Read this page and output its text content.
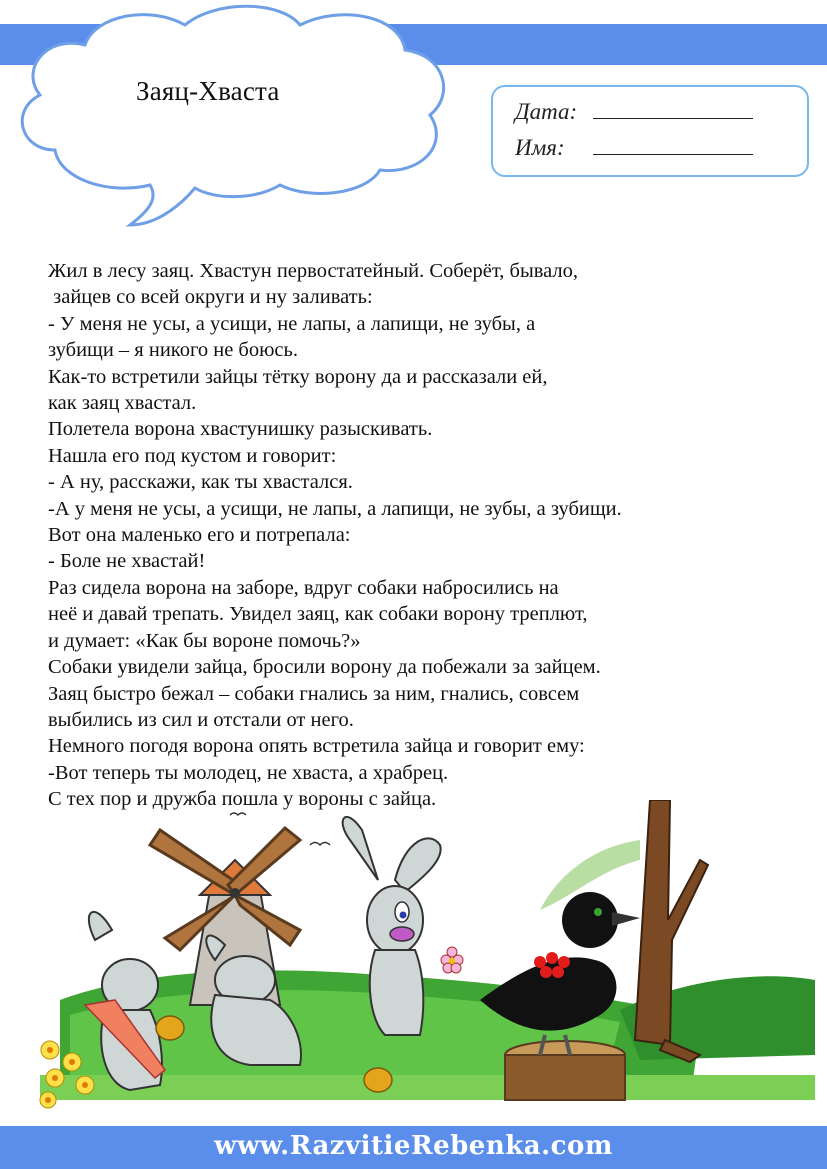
Заяц-Хваста
Дата:
Имя:
Жил в лесу заяц. Хвастун первостатейный. Соберёт, бывало,
зайцев со всей округи и ну заливать:
- У меня не усы, а усищи, не лапы, а лапищи, не зубы, а
зубищи – я никого не боюсь.
Как-то встретили зайцы тётку ворону да и рассказали ей,
как заяц хвастал.
Полетела ворона хвастунишку разыскивать.
Нашла его под кустом и говорит:
- А ну, расскажи, как ты хвастался.
-А у меня не усы, а усищи, не лапы, а лапищи, не зубы, а зубищи.
Вот она маленько его и потрепала:
- Боле не хвастай!
Раз сидела ворона на заборе, вдруг собаки набросились на
неё и давай трепать. Увидел заяц, как собаки ворону треплют,
и думает: «Как бы вороне помочь?»
Собаки увидели зайца, бросили ворону да побежали за зайцем.
Заяц быстро бежал – собаки гнались за ним, гнались, совсем
выбились из сил и отстали от него.
Немного погодя ворона опять встретила зайца и говорит ему:
-Вот теперь ты молодец, не хваста, а храбрец.
С тех пор и дружба пошла у вороны с зайца.
www.RazvitieRebenka.com
